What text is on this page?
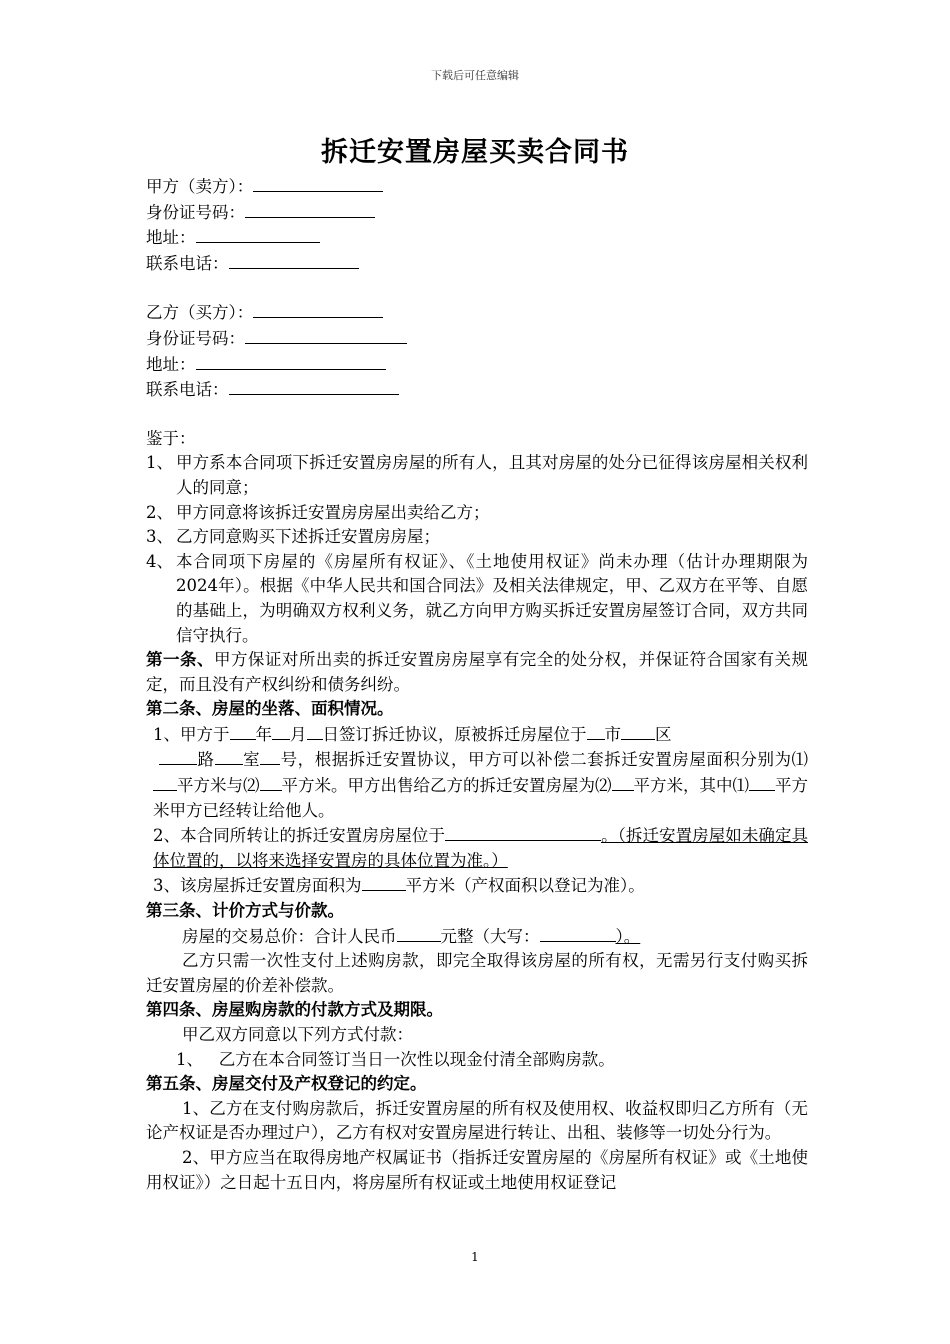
下载后可任意编辑
拆迁安置房屋买卖合同书
甲方（卖方）：
身份证号码：
地址：
联系电话：
乙方（买方）：
身份证号码：
地址：
联系电话：
鉴于：
1、 甲方系本合同项下拆迁安置房房屋的所有人，且其对房屋的处分已征得该房屋相关权利人的同意；
2、 甲方同意将该拆迁安置房房屋出卖给乙方；
3、 乙方同意购买下述拆迁安置房房屋；
4、 本合同项下房屋的《房屋所有权证》、《土地使用权证》尚未办理（估计办理期限为2024年）。根据《中华人民共和国合同法》及相关法律规定，甲、乙双方在平等、自愿的基础上，为明确双方权利义务，就乙方向甲方购买拆迁安置房屋签订合同，双方共同信守执行。
第一条、甲方保证对所出卖的拆迁安置房房屋享有完全的处分权，并保证符合国家有关规定，而且没有产权纠纷和债务纠纷。
第二条、房屋的坐落、面积情况。
1、甲方于 年 月 日签订拆迁协议，原被拆迁房屋位于 市 区
路 室 号，根据拆迁安置协议，甲方可以补偿二套拆迁安置房屋面积分别为⑴平方米与⑵ 平方米。甲方出售给乙方的拆迁安置房屋为⑵ 平方米，其中⑴ 平方米甲方已经转让给他人。
2、本合同所转让的拆迁安置房房屋位于	。（拆迁安置房屋如未确定具体位置的，以将来选择安置房的具体位置为准。）
3、该房屋拆迁安置房面积为	平方米（产权面积以登记为准）。
第三条、计价方式与价款。
房屋的交易总价：合计人民币	元整（大写：	）。
乙方只需一次性支付上述购房款，即完全取得该房屋的所有权，无需另行支付购买拆迁安置房屋的价差补偿款。
第四条、房屋购房款的付款方式及期限。
甲乙双方同意以下列方式付款：
1、 乙方在本合同签订当日一次性以现金付清全部购房款。
第五条、房屋交付及产权登记的约定。
1、乙方在支付购房款后，拆迁安置房屋的所有权及使用权、收益权即归乙方所有（无论产权证是否办理过户），乙方有权对安置房屋进行转让、出租、装修等一切处分行为。
2、甲方应当在取得房地产权属证书（指拆迁安置房屋的《房屋所有权证》或《土地使用权证》）之日起十五日内，将房屋所有权证或土地使用权证登记
1
